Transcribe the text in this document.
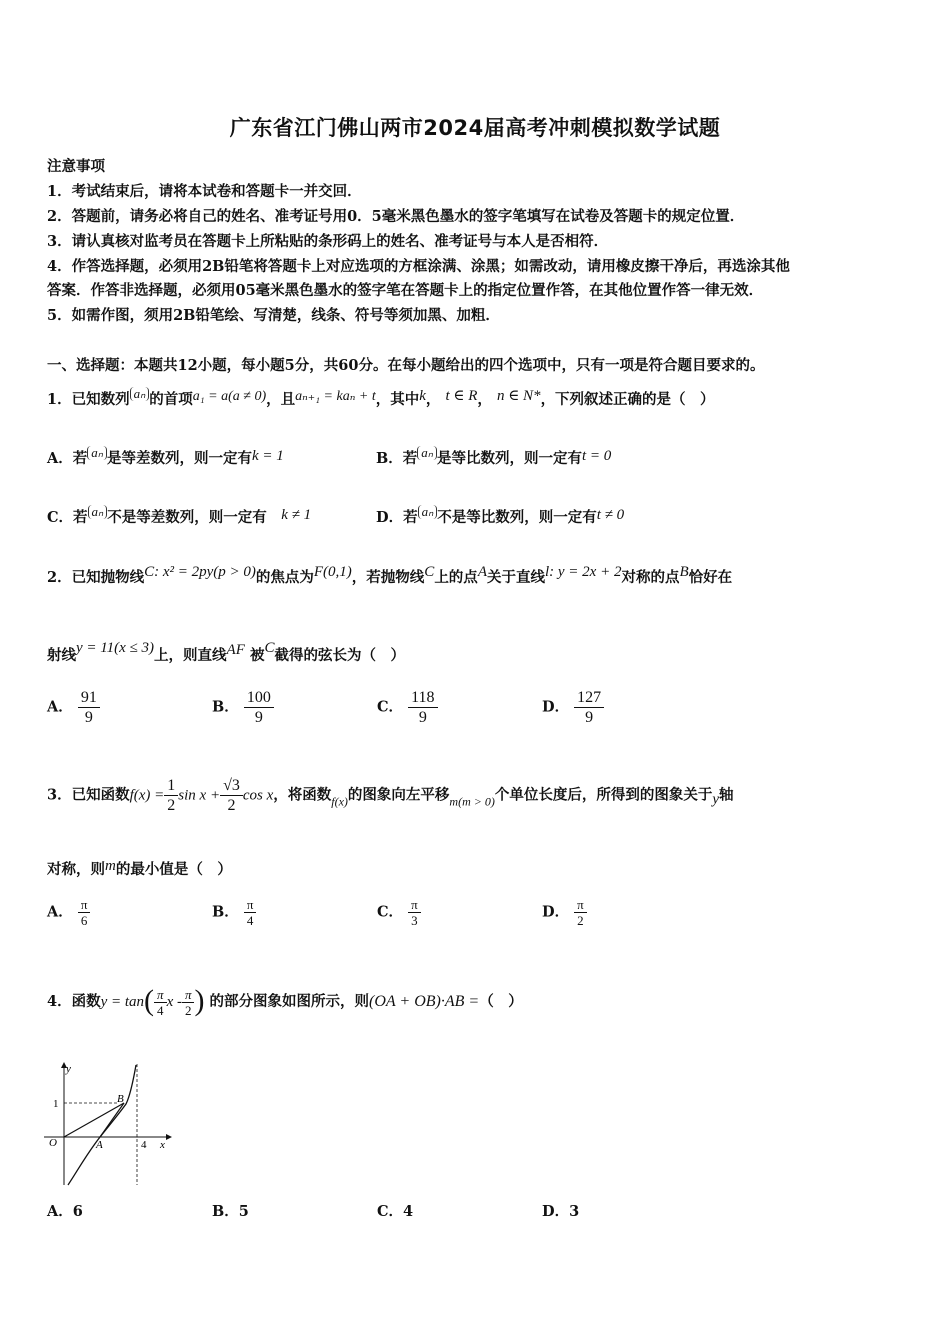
广东省江门佛山两市2024届高考冲刺模拟数学试题
注意事项
1．考试结束后，请将本试卷和答题卡一并交回．
2．答题前，请务必将自己的姓名、准考证号用0．5毫米黑色墨水的签字笔填写在试卷及答题卡的规定位置．
3．请认真核对监考员在答题卡上所粘贴的条形码上的姓名、准考证号与本人是否相符．
4．作答选择题，必须用2B铅笔将答题卡上对应选项的方框涂满、涂黑；如需改动，请用橡皮擦干净后，再选涂其他
答案．作答非选择题，必须用05毫米黑色墨水的签字笔在答题卡上的指定位置作答，在其他位置作答一律无效．
5．如需作图，须用2B铅笔绘、写清楚，线条、符号等须加黑、加粗．
一、选择题：本题共12小题，每小题5分，共60分。在每小题给出的四个选项中，只有一项是符合题目要求的。
1．已知数列 aₙ 的首项a₁ = a(a ≠ 0)，且aₙ₊₁ = kaₙ + t，其中k， t ∈ R， n ∈ N*，下列叙述正确的是（　）
A．若 aₙ 是等差数列，则一定有k = 1	B．若 aₙ 是等比数列，则一定有t = 0
C．若 aₙ 不是等差数列，则一定有　 k ≠ 1	D．若 aₙ 不是等比数列，则一定有t ≠ 0
2．已知抛物线C: x² = 2py(p > 0)的焦点为F(0,1)，若抛物线C上的点A关于直线l: y = 2x + 2对称的点B恰好在
射线y = 11(x ≤ 3)上，则直线AF 被C截得的弦长为（　）
A． $\frac{91}{9}$	B． $\frac{100}{9}$	C． $\frac{118}{9}$	D． $\frac{127}{9}$
3．已知函数$f(x) = \frac{1}{2}$ $\sin x + \frac{√3}{2}$ cos x，将函数$_{f(x)}$的图象向左平移$_{m(m > 0)}$个单位长度后，所得到的图象关于y轴
对称，则m的最小值是（　）
A． $\frac{\pi}{6}$	B． $\frac{\pi}{4}$	C． $\frac{\pi}{3}$	D． $\frac{\pi}{2}$
4．函数$y = \tan( \frac{\pi}{4}$ x - $\frac{\pi}{2}$ ) 的部分图象如图所示，则(OA + OB)·AB =（　）
y
x
1
4
O	A
B
A．6	B．5	C．4	D．3
